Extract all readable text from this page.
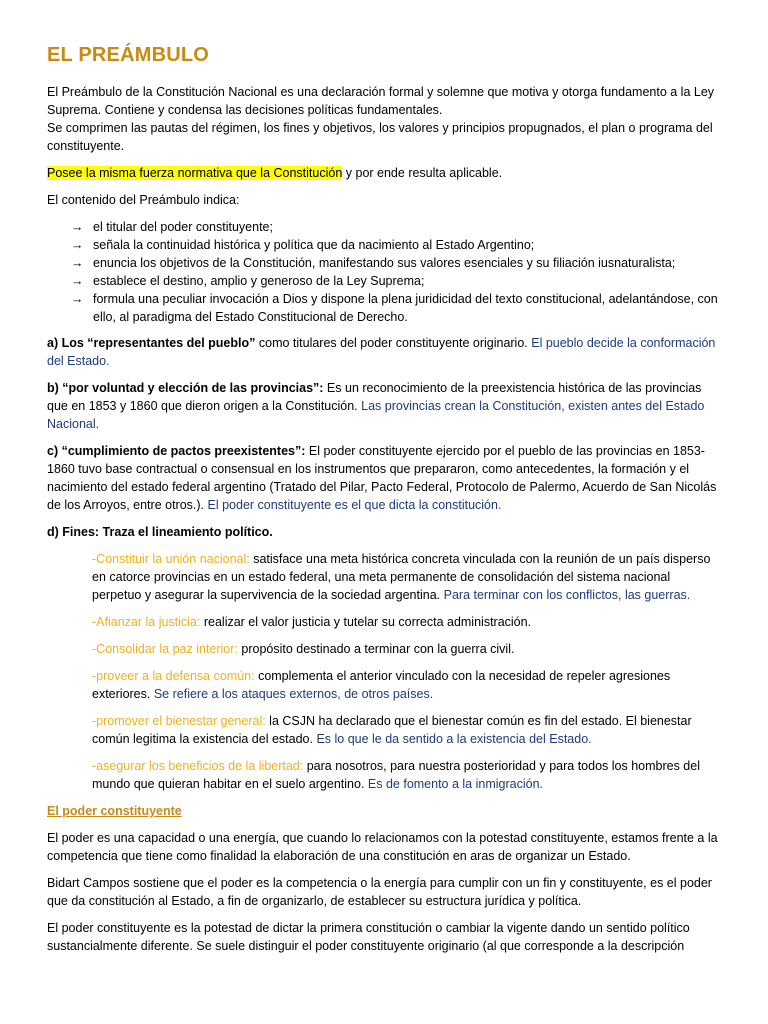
EL PREÁMBULO

El Preámbulo de la Constitución Nacional es una declaración formal y solemne que motiva y otorga fundamento a la Ley Suprema. Contiene y condensa las decisiones políticas fundamentales.
Se comprimen las pautas del régimen, los fines y objetivos, los valores y principios propugnados, el plan o programa del constituyente.

Posee la misma fuerza normativa que la Constitución y por ende resulta aplicable.

El contenido del Preámbulo indica:

→ el titular del poder constituyente;
→ señala la continuidad histórica y política que da nacimiento al Estado Argentino;
→ enuncia los objetivos de la Constitución, manifestando sus valores esenciales y su filiación iusnaturalista;
→ establece el destino, amplio y generoso de la Ley Suprema;
→ formula una peculiar invocación a Dios y dispone la plena juridicidad del texto constitucional, adelantándose, con ello, al paradigma del Estado Constitucional de Derecho.

a) Los “representantes del pueblo” como titulares del poder constituyente originario. El pueblo decide la conformación del Estado.

b) “por voluntad y elección de las provincias”: Es un reconocimiento de la preexistencia histórica de las provincias que en 1853 y 1860 que dieron origen a la Constitución. Las provincias crean la Constitución, existen antes del Estado Nacional.

c) “cumplimiento de pactos preexistentes”: El poder constituyente ejercido por el pueblo de las provincias en 1853-1860 tuvo base contractual o consensual en los instrumentos que prepararon, como antecedentes, la formación y el nacimiento del estado federal argentino (Tratado del Pilar, Pacto Federal, Protocolo de Palermo, Acuerdo de San Nicolás de los Arroyos, entre otros.). El poder constituyente es el que dicta la constitución.

d) Fines: Traza el lineamiento político.

-Constituir la unión nacional: satisface una meta histórica concreta vinculada con la reunión de un país disperso en catorce provincias en un estado federal, una meta permanente de consolidación del sistema nacional perpetuo y asegurar la supervivencia de la sociedad argentina. Para terminar con los conflictos, las guerras.

-Afianzar la justicia: realizar el valor justicia y tutelar su correcta administración.

-Consolidar la paz interior: propósito destinado a terminar con la guerra civil.

-proveer a la defensa común: complementa el anterior vinculado con la necesidad de repeler agresiones exteriores. Se refiere a los ataques externos, de otros países.

-promover el bienestar general: la CSJN ha declarado que el bienestar común es fin del estado. El bienestar común legitima la existencia del estado. Es lo que le da sentido a la existencia del Estado.

-asegurar los beneficios de la libertad: para nosotros, para nuestra posterioridad y para todos los hombres del mundo que quieran habitar en el suelo argentino. Es de fomento a la inmigración.

El poder constituyente

El poder es una capacidad o una energía, que cuando lo relacionamos con la potestad constituyente, estamos frente a la competencia que tiene como finalidad la elaboración de una constitución en aras de organizar un Estado.

Bidart Campos sostiene que el poder es la competencia o la energía para cumplir con un fin y constituyente, es el poder que da constitución al Estado, a fin de organizarlo, de establecer su estructura jurídica y política.

El poder constituyente es la potestad de dictar la primera constitución o cambiar la vigente dando un sentido político sustancialmente diferente. Se suele distinguir el poder constituyente originario (al que corresponde a la descripción
